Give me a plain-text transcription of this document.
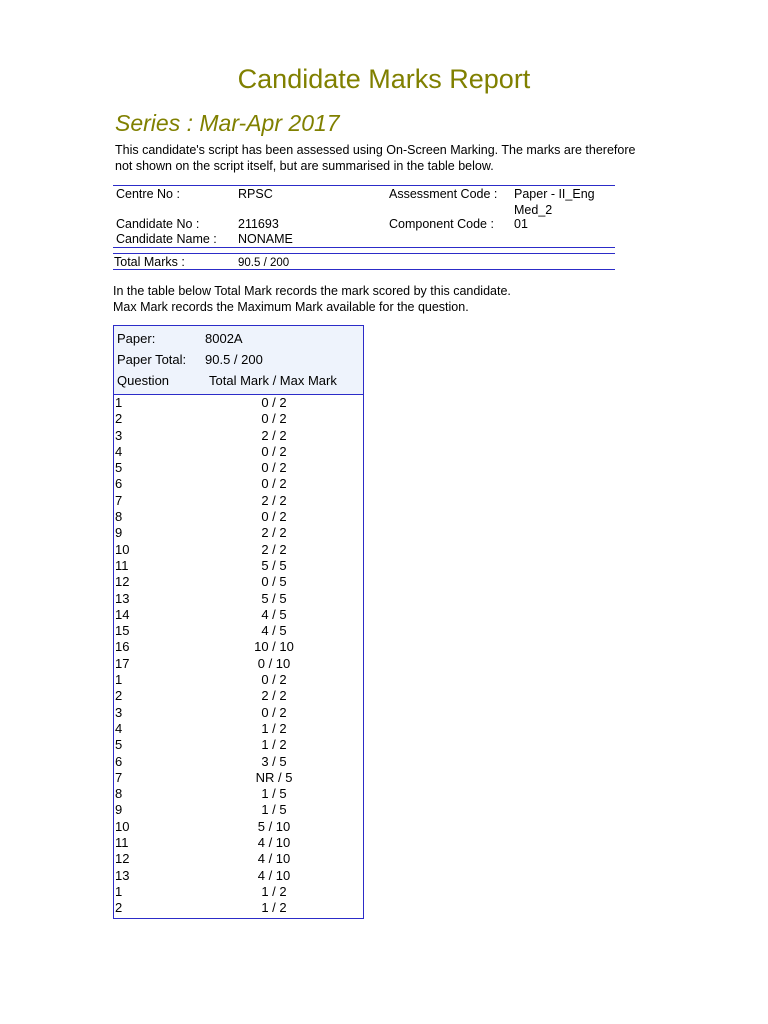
Candidate Marks Report
Series : Mar-Apr 2017
This candidate's script has been assessed using On-Screen Marking. The marks are therefore not shown on the script itself, but are summarised in the table below.
Centre No :	RPSC	Assessment Code : Paper - II_Eng Med_2
Candidate No :	211693	Component Code : 01
Candidate Name : NONAME
Total Marks :	90.5 / 200
In the table below Total Mark records the mark scored by this candidate.
Max Mark records the Maximum Mark available for the question.
Paper:	8002A
Paper Total: 90.5 / 200
Question	Total Mark / Max Mark
1	0 / 2
2	0 / 2
3	2 / 2
4	0 / 2
5	0 / 2
6	0 / 2
7	2 / 2
8	0 / 2
9	2 / 2
10	2 / 2
11	5 / 5
12	0 / 5
13	5 / 5
14	4 / 5
15	4 / 5
16	10 / 10
17	0 / 10
1	0 / 2
2	2 / 2
3	0 / 2
4	1 / 2
5	1 / 2
6	3 / 5
7	NR / 5
8	1 / 5
9	1 / 5
10	5 / 10
11	4 / 10
12	4 / 10
13	4 / 10
1	1 / 2
2	1 / 2
